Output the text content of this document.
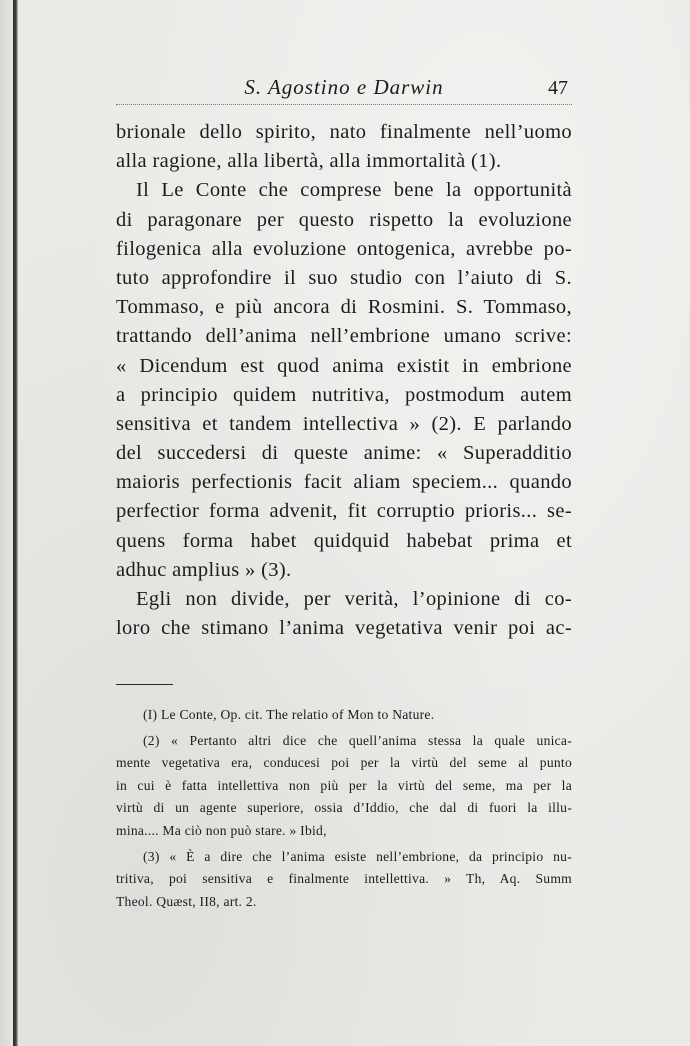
S. Agostino e Darwin	47
brionale dello spirito, nato finalmente nell’uomo
alla ragione, alla libertà, alla immortalità (1).
Il Le Conte che comprese bene la opportunità
di paragonare per questo rispetto la evoluzione
filogenica alla evoluzione ontogenica, avrebbe po-
tuto approfondire il suo studio con l’aiuto di S.
Tommaso, e più ancora di Rosmini. S. Tommaso,
trattando dell’anima nell’embrione umano scrive:
« Dicendum est quod anima existit in embrione
a principio quidem nutritiva, postmodum autem
sensitiva et tandem intellectiva » (2). E parlando
del succedersi di queste anime: « Superadditio
maioris perfectionis facit aliam speciem... quando
perfectior forma advenit, fit corruptio prioris... se-
quens forma habet quidquid habebat prima et
adhuc amplius » (3).
Egli non divide, per verità, l’opinione di co-
loro che stimano l’anima vegetativa venir poi ac-
(I) Le Conte, Op. cit. The relatio of Mon to Nature.
(2) « Pertanto altri dice che quell’anima stessa la quale unica-
mente vegetativa era, conducesi poi per la virtù del seme al punto
in cui è fatta intellettiva non più per la virtù del seme, ma per la
virtù di un agente superiore, ossia d’Iddio, che dal di fuori la illu-
mina.... Ma ciò non può stare. » Ibid,
(3) « È a dire che l’anima esiste nell’embrione, da principio nu-
tritiva, poi sensitiva e finalmente intellettiva. » Th, Aq. Summ
Theol. Quæst, II8, art. 2.
